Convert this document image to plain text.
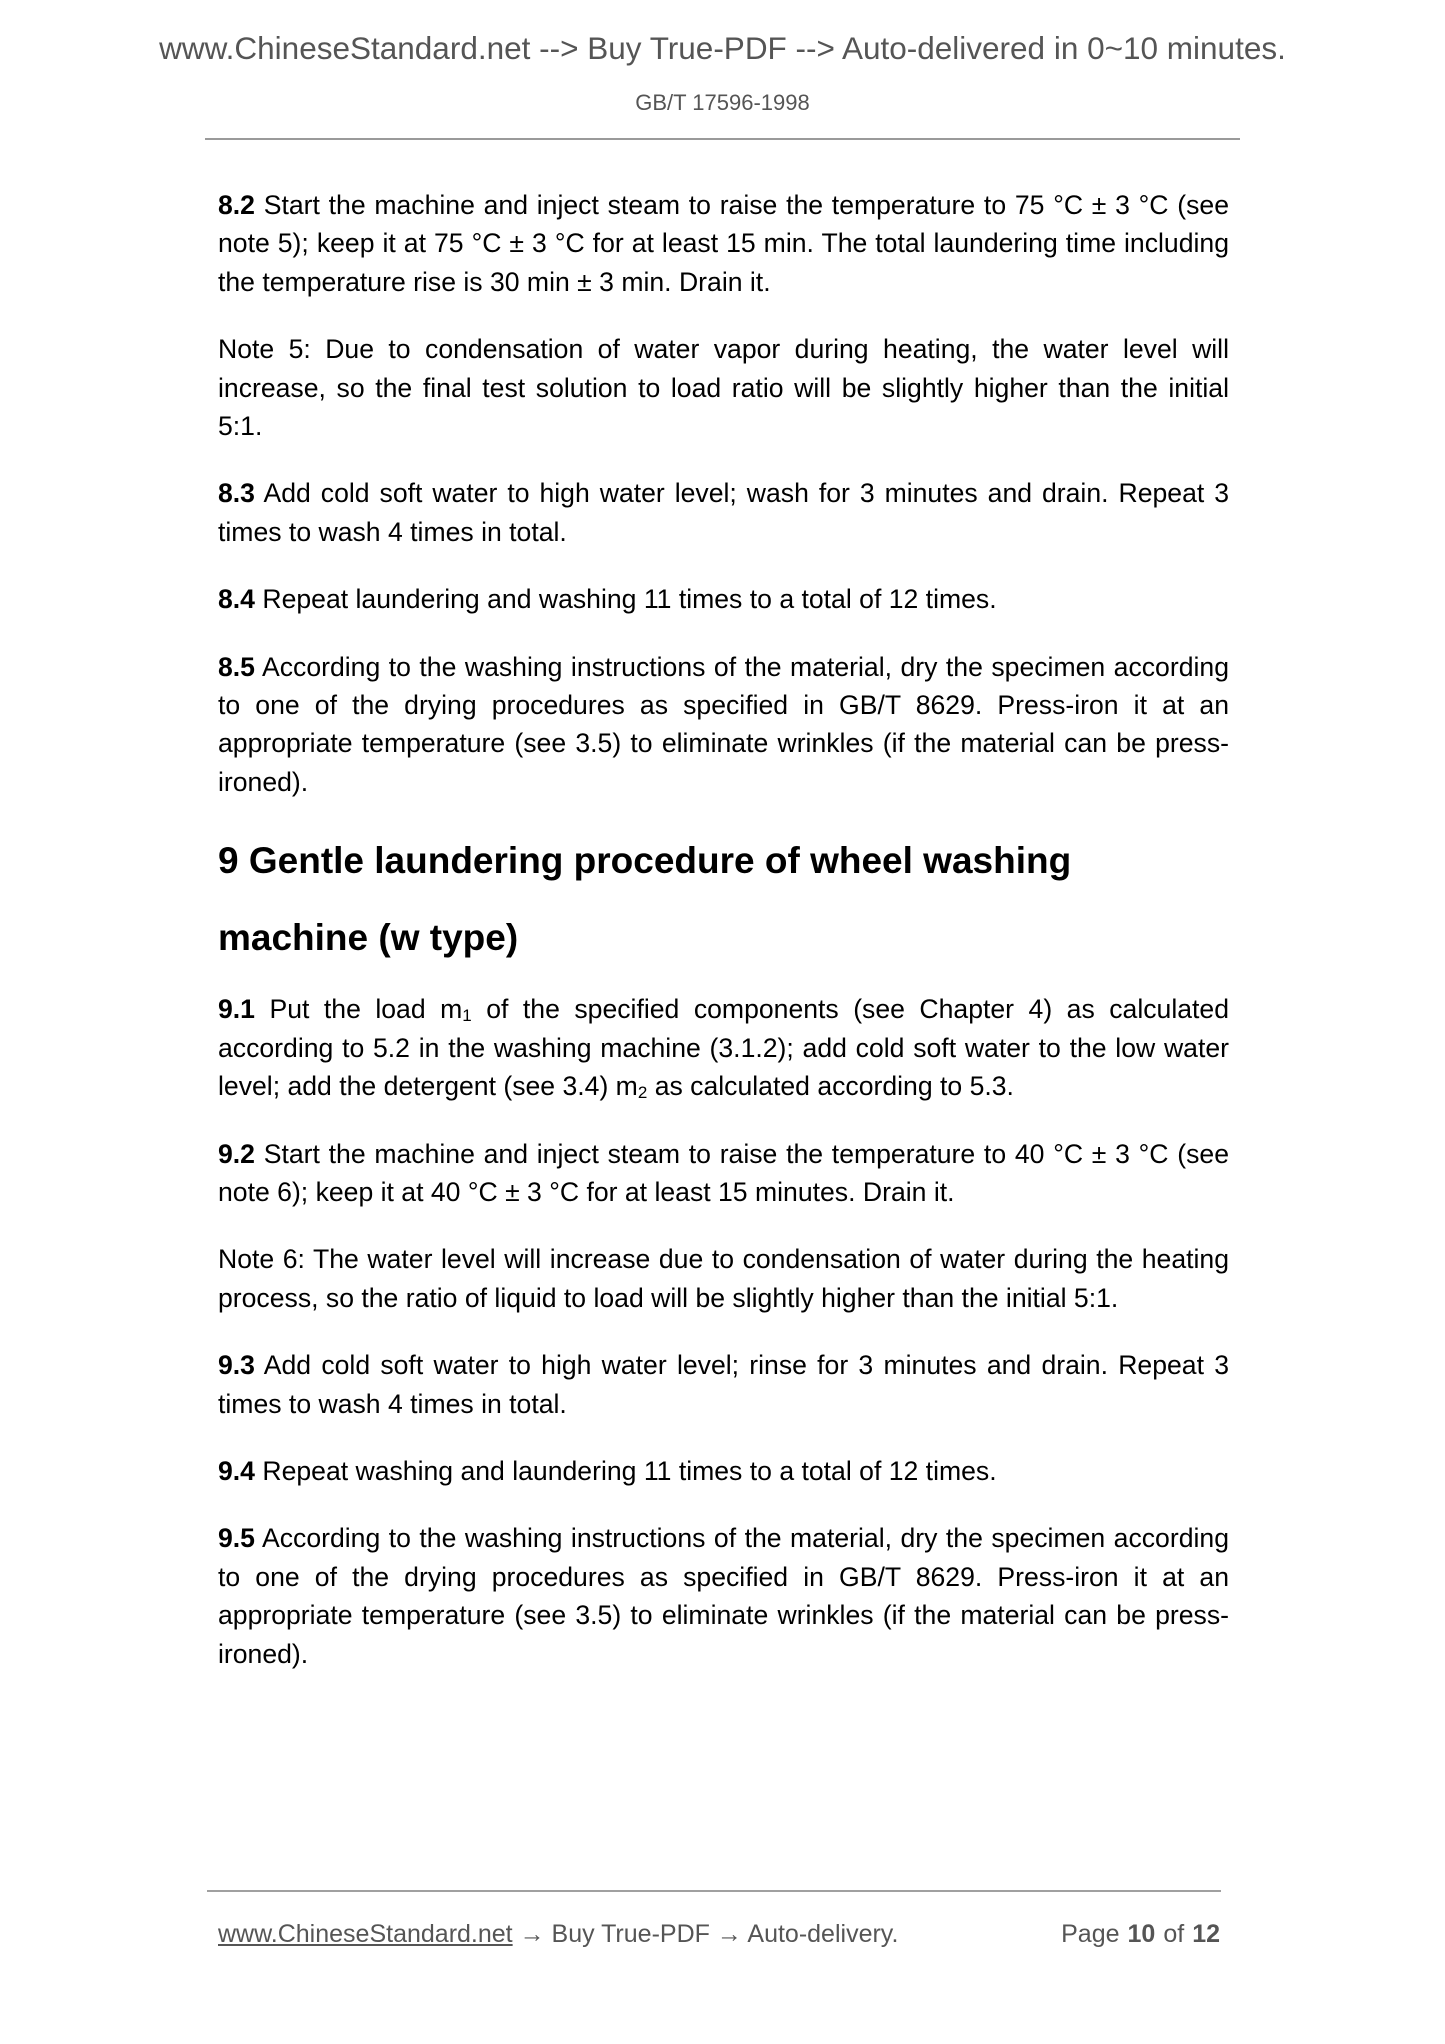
www.ChineseStandard.net --> Buy True-PDF --> Auto-delivered in 0~10 minutes.
GB/T 17596-1998

8.2 Start the machine and inject steam to raise the temperature to 75 °C ± 3 °C (see note 5); keep it at 75 °C ± 3 °C for at least 15 min. The total laundering time including the temperature rise is 30 min ± 3 min. Drain it.

Note 5: Due to condensation of water vapor during heating, the water level will increase, so the final test solution to load ratio will be slightly higher than the initial 5:1.

8.3 Add cold soft water to high water level; wash for 3 minutes and drain. Repeat 3 times to wash 4 times in total.

8.4 Repeat laundering and washing 11 times to a total of 12 times.

8.5 According to the washing instructions of the material, dry the specimen according to one of the drying procedures as specified in GB/T 8629. Press-iron it at an appropriate temperature (see 3.5) to eliminate wrinkles (if the material can be press-ironed).

9 Gentle laundering procedure of wheel washing machine (w type)

9.1 Put the load $m_1$ of the specified components (see Chapter 4) as calculated according to 5.2 in the washing machine (3.1.2); add cold soft water to the low water level; add the detergent (see 3.4) $m_2$ as calculated according to 5.3.

9.2 Start the machine and inject steam to raise the temperature to 40 °C ± 3 °C (see note 6); keep it at 40 °C ± 3 °C for at least 15 minutes. Drain it.

Note 6: The water level will increase due to condensation of water during the heating process, so the ratio of liquid to load will be slightly higher than the initial 5:1.

9.3 Add cold soft water to high water level; rinse for 3 minutes and drain. Repeat 3 times to wash 4 times in total.

9.4 Repeat washing and laundering 11 times to a total of 12 times.

9.5 According to the washing instructions of the material, dry the specimen according to one of the drying procedures as specified in GB/T 8629. Press-iron it at an appropriate temperature (see 3.5) to eliminate wrinkles (if the material can be press-ironed).

www.ChineseStandard.net → Buy True-PDF → Auto-delivery.	Page 10 of 12
